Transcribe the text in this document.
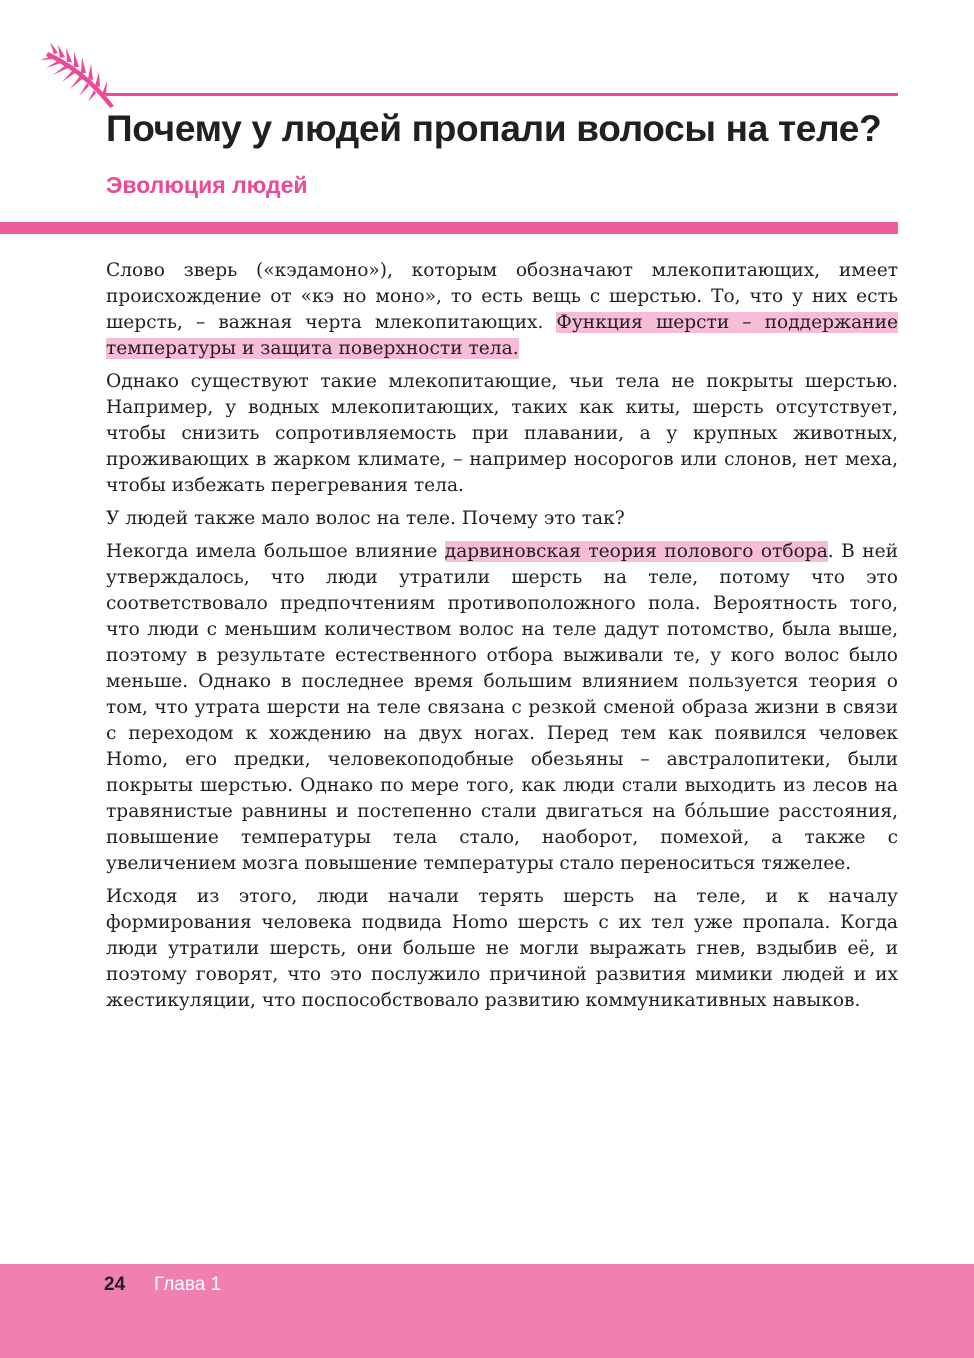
Почему у людей пропали волосы на теле?
Эволюция людей

Слово зверь («кэдамоно»), которым обозначают млекопитающих, имеет происхождение от «кэ но моно», то есть вещь с шерстью. То, что у них есть шерсть, – важная черта млекопитающих. Функция шерсти – поддержание температуры и защита поверхности тела.

Однако существуют такие млекопитающие, чьи тела не покрыты шерстью. Например, у водных млекопитающих, таких как киты, шерсть отсутствует, чтобы снизить сопротивляемость при плавании, а у крупных животных, проживающих в жарком климате, – например носорогов или слонов, нет меха, чтобы избежать перегревания тела.

У людей также мало волос на теле. Почему это так?

Некогда имела большое влияние дарвиновская теория полового отбора. В ней утверждалось, что люди утратили шерсть на теле, потому что это соответствовало предпочтениям противоположного пола. Вероятность того, что люди с меньшим количеством волос на теле дадут потомство, была выше, поэтому в результате естественного отбора выживали те, у кого волос было меньше. Однако в последнее время большим влиянием пользуется теория о том, что утрата шерсти на теле связана с резкой сменой образа жизни в связи с переходом к хождению на двух ногах. Перед тем как появился человек Homo, его предки, человекоподобные обезьяны – австралопитеки, были покрыты шерстью. Однако по мере того, как люди стали выходить из лесов на травянистые равнины и постепенно стали двигаться на бóльшие расстояния, повышение температуры тела стало, наоборот, помехой, а также с увеличением мозга повышение температуры стало переноситься тяжелее.

Исходя из этого, люди начали терять шерсть на теле, и к началу формирования человека подвида Homo шерсть с их тел уже пропала. Когда люди утратили шерсть, они больше не могли выражать гнев, вздыбив её, и поэтому говорят, что это послужило причиной развития мимики людей и их жестикуляции, что поспособствовало развитию коммуникативных навыков.

24 Глава 1
